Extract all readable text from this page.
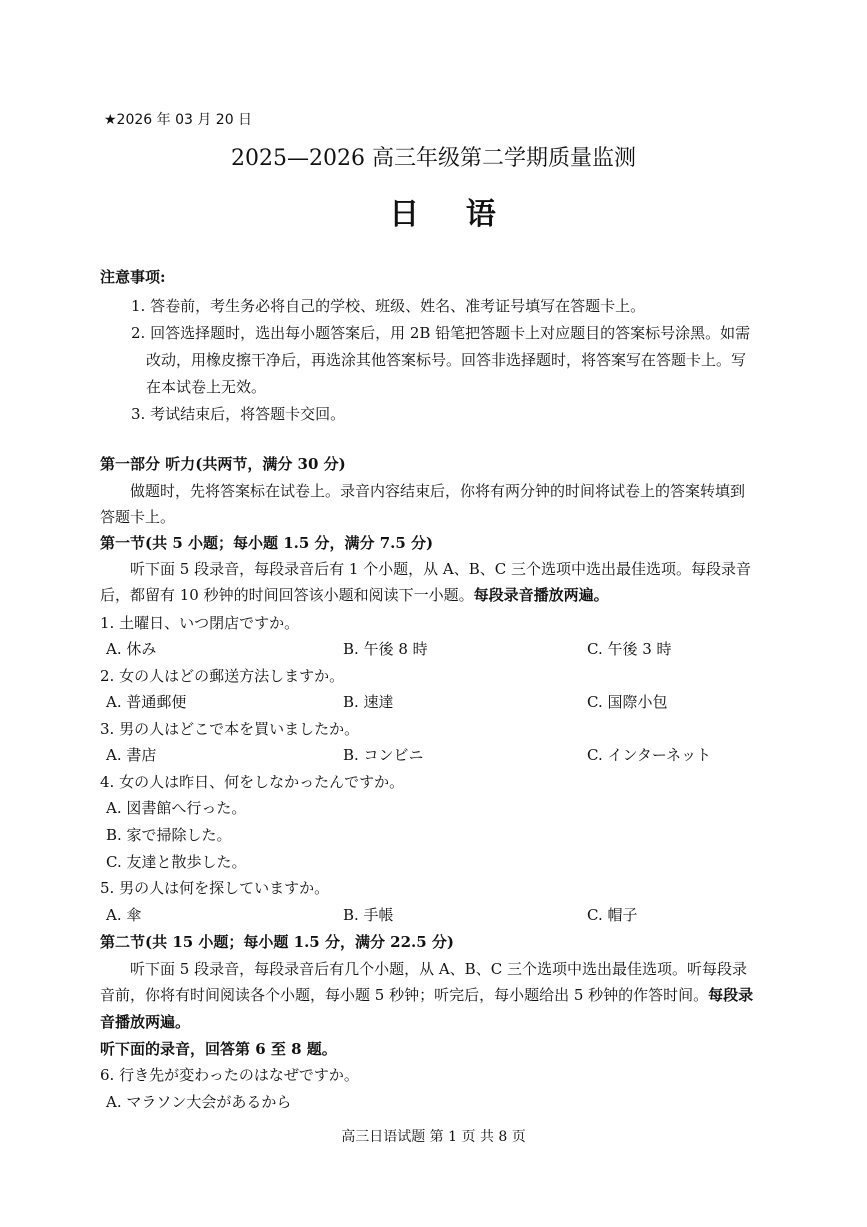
★2026 年 03 月 20 日
2025—2026 高三年级第二学期质量监测
日 语
注意事项:
1. 答卷前，考生务必将自己的学校、班级、姓名、准考证号填写在答题卡上。
2. 回答选择题时，选出每小题答案后，用 2B 铅笔把答题卡上对应题目的答案标号涂黑。如需
改动，用橡皮擦干净后，再选涂其他答案标号。回答非选择题时，将答案写在答题卡上。写
在本试卷上无效。
3. 考试结束后，将答题卡交回。
第一部分 听力(共两节，满分 30 分)
做题时，先将答案标在试卷上。录音内容结束后，你将有两分钟的时间将试卷上的答案转填到
答题卡上。
第一节(共 5 小题；每小题 1.5 分，满分 7.5 分)
听下面 5 段录音，每段录音后有 1 个小题，从 A、B、C 三个选项中选出最佳选项。每段录音
后，都留有 10 秒钟的时间回答该小题和阅读下一小题。每段录音播放两遍。
1. 土曜日、いつ閉店ですか。
A. 休み	B. 午後 8 時	C. 午後 3 時
2. 女の人はどの郵送方法しますか。
A. 普通郵便	B. 速達	C. 国際小包
3. 男の人はどこで本を買いましたか。
A. 書店	B. コンビニ	C. インターネット
4. 女の人は昨日、何をしなかったんですか。
A. 図書館へ行った。
B. 家で掃除した。
C. 友達と散歩した。
5. 男の人は何を探していますか。
A. 傘	B. 手帳	C. 帽子
第二节(共 15 小题；每小题 1.5 分，满分 22.5 分)
听下面 5 段录音，每段录音后有几个小题，从 A、B、C 三个选项中选出最佳选项。听每段录
音前，你将有时间阅读各个小题，每小题 5 秒钟；听完后，每小题给出 5 秒钟的作答时间。每段录
音播放两遍。
听下面的录音，回答第 6 至 8 题。
6. 行き先が変わったのはなぜですか。
A. マラソン大会があるから
高三日语试题 第 1 页 共 8 页
